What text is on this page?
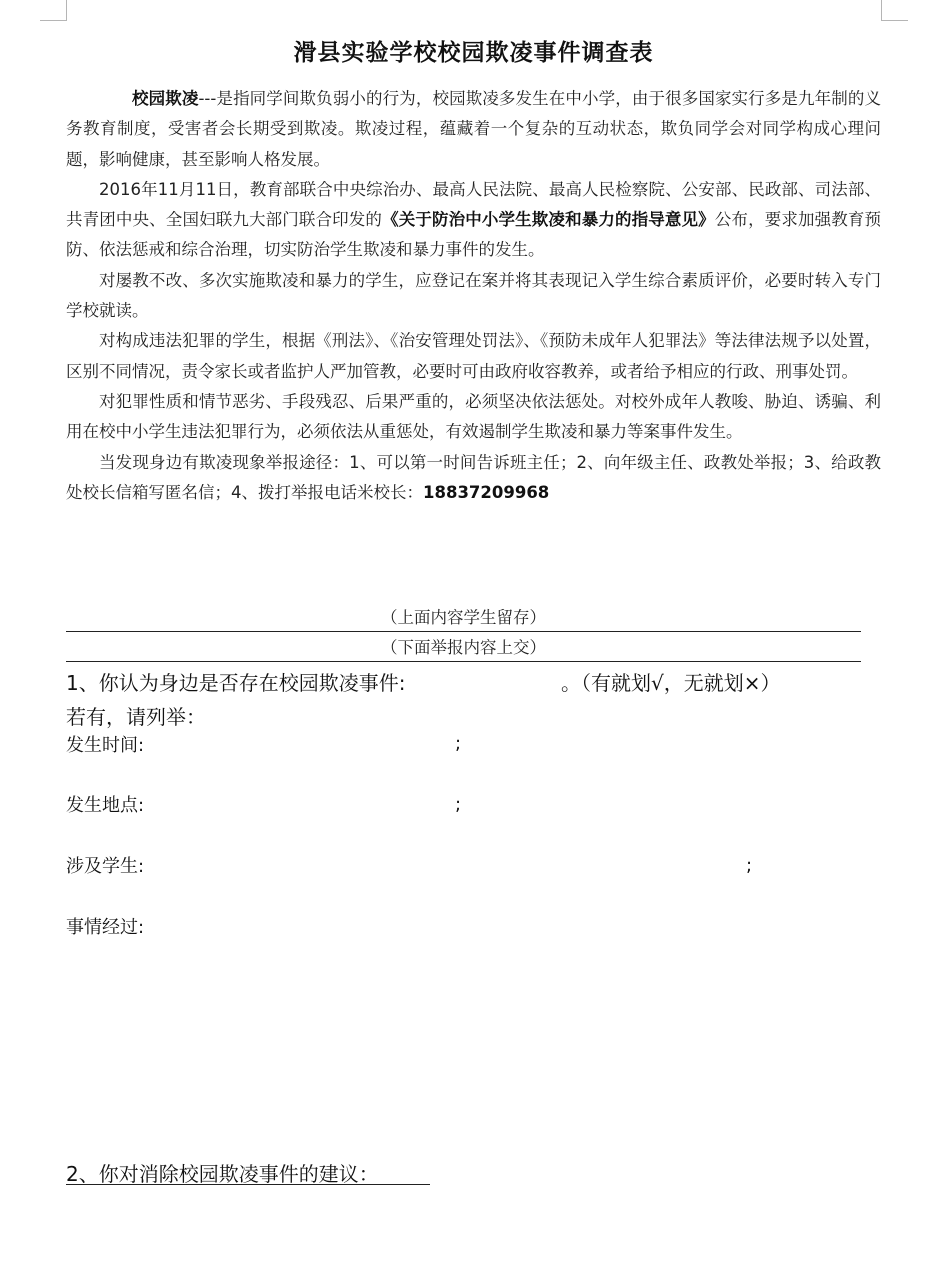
滑县实验学校校园欺凌事件调查表

校园欺凌---是指同学间欺负弱小的行为，校园欺凌多发生在中小学，由于很多国家实行多是九年制的义务教育制度，受害者会长期受到欺凌。欺凌过程，蕴藏着一个复杂的互动状态，欺负同学会对同学构成心理问题，影响健康，甚至影响人格发展。

2016年11月11日，教育部联合中央综治办、最高人民法院、最高人民检察院、公安部、民政部、司法部、共青团中央、全国妇联九大部门联合印发的《关于防治中小学生欺凌和暴力的指导意见》公布，要求加强教育预防、依法惩戒和综合治理，切实防治学生欺凌和暴力事件的发生。

对屡教不改、多次实施欺凌和暴力的学生，应登记在案并将其表现记入学生综合素质评价，必要时转入专门学校就读。

对构成违法犯罪的学生，根据《刑法》、《治安管理处罚法》、《预防未成年人犯罪法》等法律法规予以处置，区别不同情况，责令家长或者监护人严加管教，必要时可由政府收容教养，或者给予相应的行政、刑事处罚。

对犯罪性质和情节恶劣、手段残忍、后果严重的，必须坚决依法惩处。对校外成年人教唆、胁迫、诱骗、利用在校中小学生违法犯罪行为，必须依法从重惩处，有效遏制学生欺凌和暴力等案事件发生。

当发现身边有欺凌现象举报途径：1、可以第一时间告诉班主任；2、向年级主任、政教处举报；3、给政教处校长信箱写匿名信；4、拨打举报电话米校长：18837209968

（上面内容学生留存）
（下面举报内容上交）
1、你认为身边是否存在校园欺凌事件:	。（有就划√，无就划×）
若有，请列举：
发生时间:	;
发生地点:	;
涉及学生:	;
事情经过:
2、你对消除校园欺凌事件的建议：
